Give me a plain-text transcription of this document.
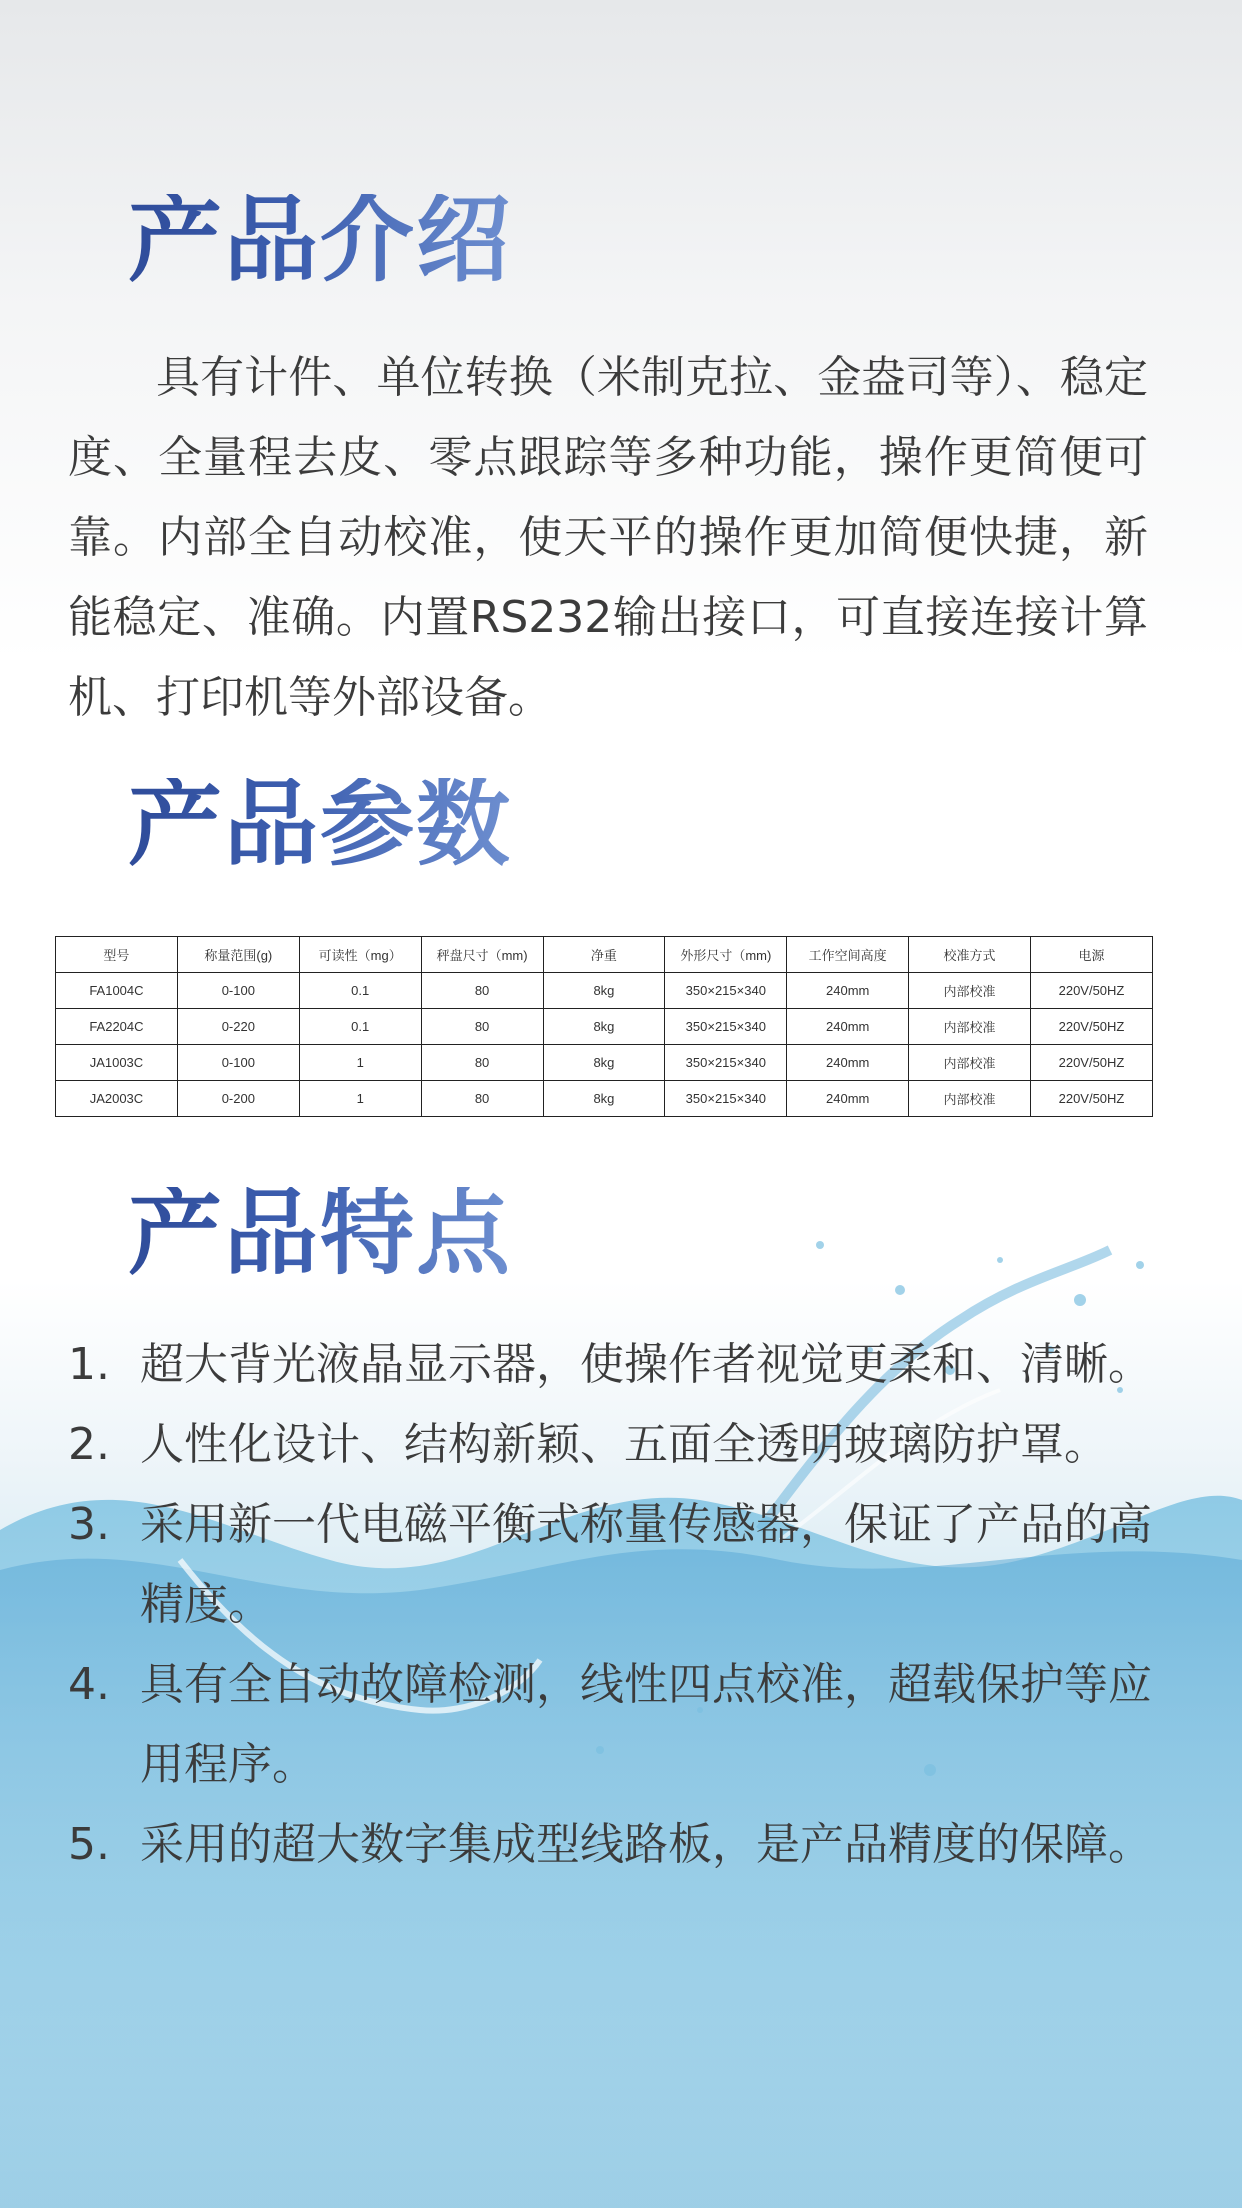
产品介绍

具有计件、单位转换（米制克拉、金盎司等）、稳定度、全量程去皮、零点跟踪等多种功能，操作更简便可靠。内部全自动校准，使天平的操作更加简便快捷，新能稳定、准确。内置RS232输出接口，可直接连接计算机、打印机等外部设备。

产品参数
型号	称量范围(g)	可读性（mg）	秤盘尺寸（mm)	净重	外形尺寸（mm)	工作空间高度	校准方式	电源
FA1004C	0-100	0.1	80	8kg	350×215×340	240mm	内部校准	220V/50HZ
FA2204C	0-220	0.1	80	8kg	350×215×340	240mm	内部校准	220V/50HZ
JA1003C	0-100	1	80	8kg	350×215×340	240mm	内部校准	220V/50HZ
JA2003C	0-200	1	80	8kg	350×215×340	240mm	内部校准	220V/50HZ
产品特点
1. 超大背光液晶显示器，使操作者视觉更柔和、清晰。
2. 人性化设计、结构新颖、五面全透明玻璃防护罩。
3. 采用新一代电磁平衡式称量传感器，保证了产品的高精度。
4. 具有全自动故障检测，线性四点校准，超载保护等应用程序。
5. 采用的超大数字集成型线路板，是产品精度的保障。
